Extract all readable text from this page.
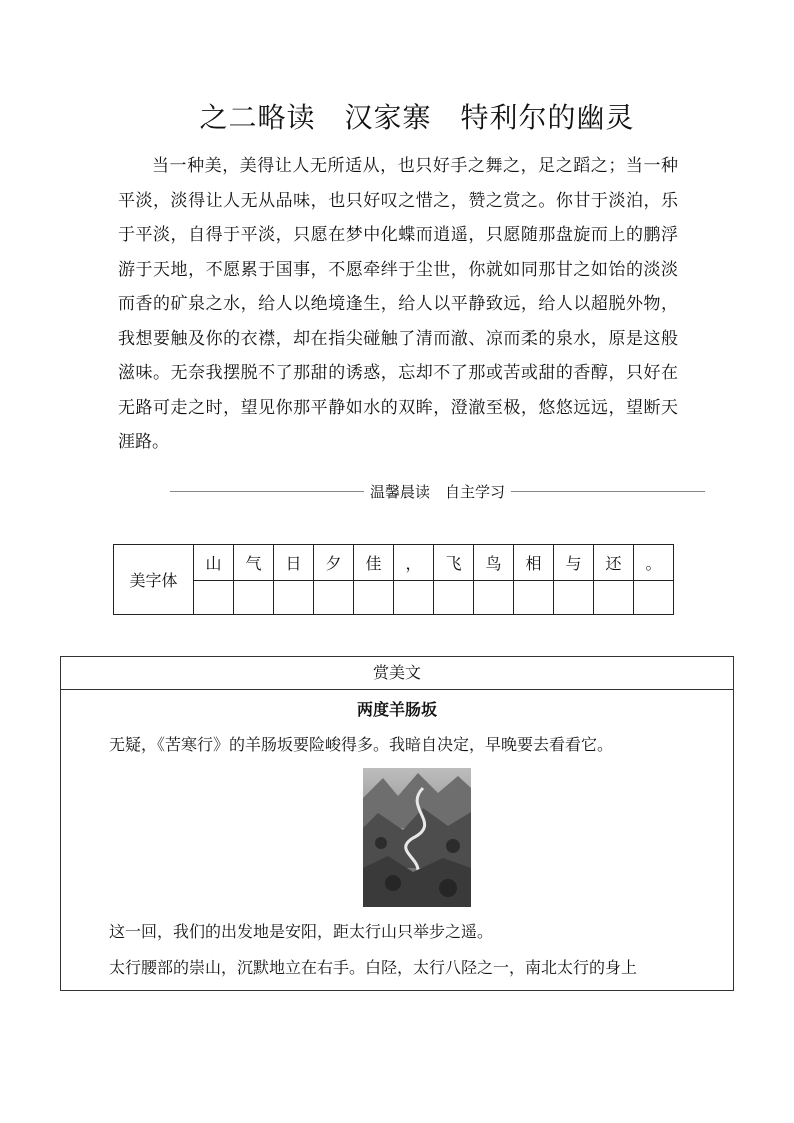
之二略读　汉家寨　特利尔的幽灵

当一种美，美得让人无所适从，也只好手之舞之，足之蹈之；当一种平淡，淡得让人无从品味，也只好叹之惜之，赞之赏之。你甘于淡泊，乐于平淡，自得于平淡，只愿在梦中化蝶而逍遥，只愿随那盘旋而上的鹏浮游于天地，不愿累于国事，不愿牵绊于尘世，你就如同那甘之如饴的淡淡而香的矿泉之水，给人以绝境逢生，给人以平静致远，给人以超脱外物，我想要触及你的衣襟，却在指尖碰触了清而澈、凉而柔的泉水，原是这般滋味。无奈我摆脱不了那甜的诱惑，忘却不了那或苦或甜的香醇，只好在无路可走之时，望见你那平静如水的双眸，澄澈至极，悠悠远远，望断天涯路。

温馨晨读　自主学习
美字体	山	气	日	夕	佳	，	飞	鸟	相	与	还	。

赏美文
两度羊肠坂
无疑，《苦寒行》的羊肠坂要险峻得多。我暗自决定，早晚要去看看它。
这一回，我们的出发地是安阳，距太行山只举步之遥。
太行腰部的崇山，沉默地立在右手。白陉，太行八陉之一，南北太行的身上
